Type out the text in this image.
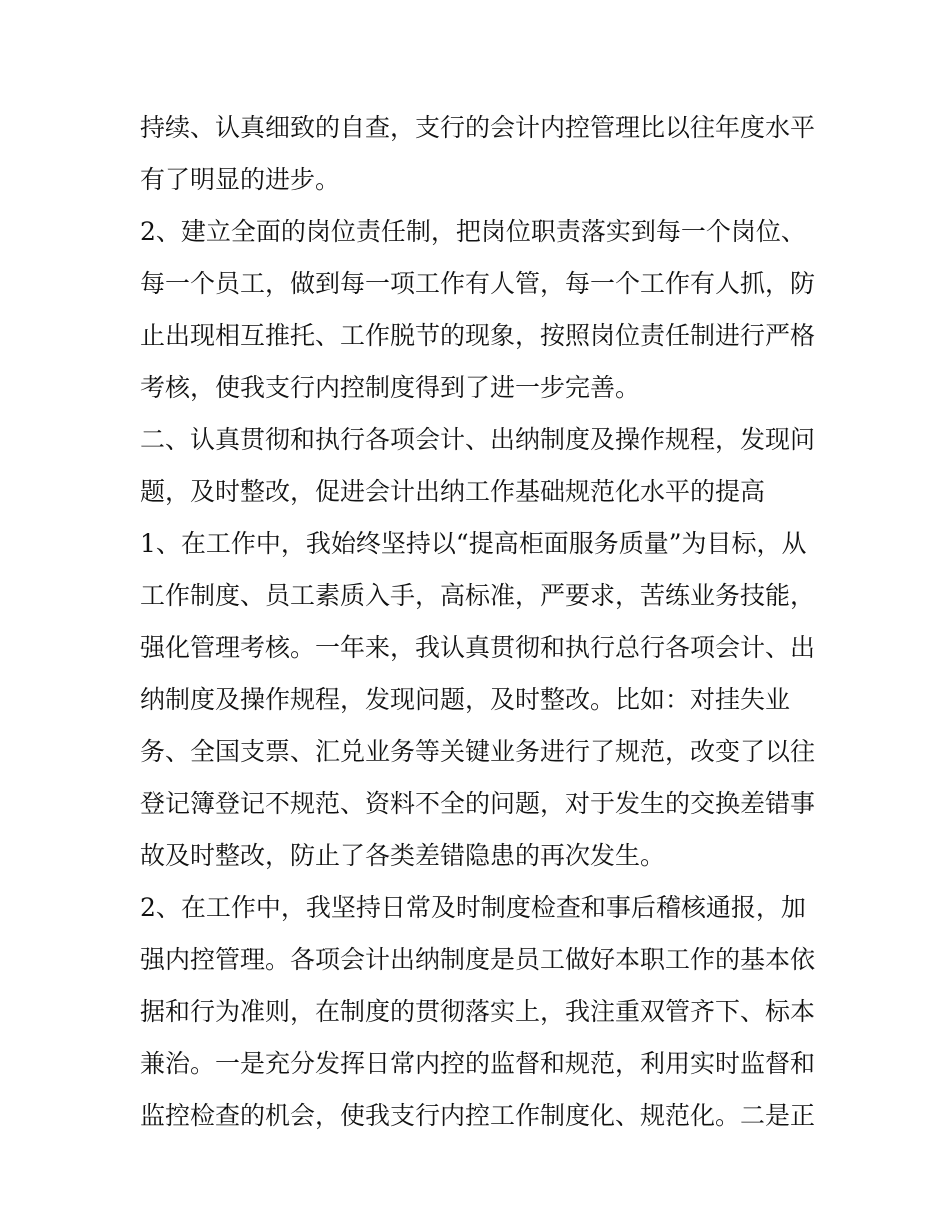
持续、认真细致的自查，支行的会计内控管理比以往年度水平
有了明显的进步。
2、建立全面的岗位责任制，把岗位职责落实到每一个岗位、
每一个员工，做到每一项工作有人管，每一个工作有人抓，防
止出现相互推托、工作脱节的现象，按照岗位责任制进行严格
考核，使我支行内控制度得到了进一步完善。
二、认真贯彻和执行各项会计、出纳制度及操作规程，发现问
题，及时整改，促进会计出纳工作基础规范化水平的提高
1、在工作中，我始终坚持以“提高柜面服务质量”为目标，从
工作制度、员工素质入手，高标准，严要求，苦练业务技能，
强化管理考核。一年来，我认真贯彻和执行总行各项会计、出
纳制度及操作规程，发现问题，及时整改。比如：对挂失业
务、全国支票、汇兑业务等关键业务进行了规范，改变了以往
登记簿登记不规范、资料不全的问题，对于发生的交换差错事
故及时整改，防止了各类差错隐患的再次发生。
2、在工作中，我坚持日常及时制度检查和事后稽核通报，加
强内控管理。各项会计出纳制度是员工做好本职工作的基本依
据和行为准则，在制度的贯彻落实上，我注重双管齐下、标本
兼治。一是充分发挥日常内控的监督和规范，利用实时监督和
监控检查的机会，使我支行内控工作制度化、规范化。二是正
